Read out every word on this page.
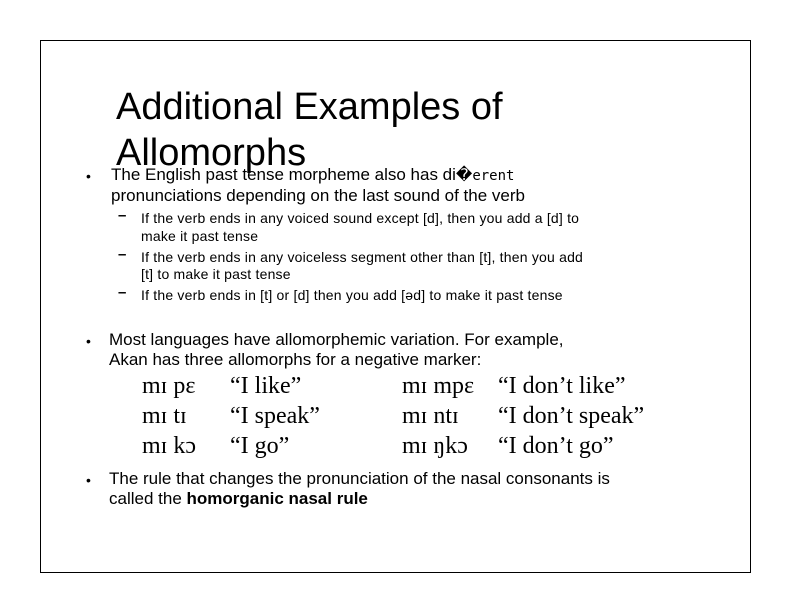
Additional Examples of Allomorphs
• The English past tense morpheme also has di�erent
pronunciations depending on the last sound of the verb
– If the verb ends in any voiced sound except [d], then you add a [d] to
make it past tense
– If the verb ends in any voiceless segment other than [t], then you add
[t] to make it past tense
– If the verb ends in [t] or [d] then you add [əd] to make it past tense
• Most languages have allomorphemic variation. For example,
Akan has three allomorphs for a negative marker:
mɪ pɛ “I like”	mɪ mpɛ “I don’t like”
mɪ tɪ “I speak”	mɪ ntɪ “I don’t speak”
mɪ kɔ “I go”	mɪ ŋkɔ “I don’t go”
• The rule that changes the pronunciation of the nasal consonants is
called the homorganic nasal rule
